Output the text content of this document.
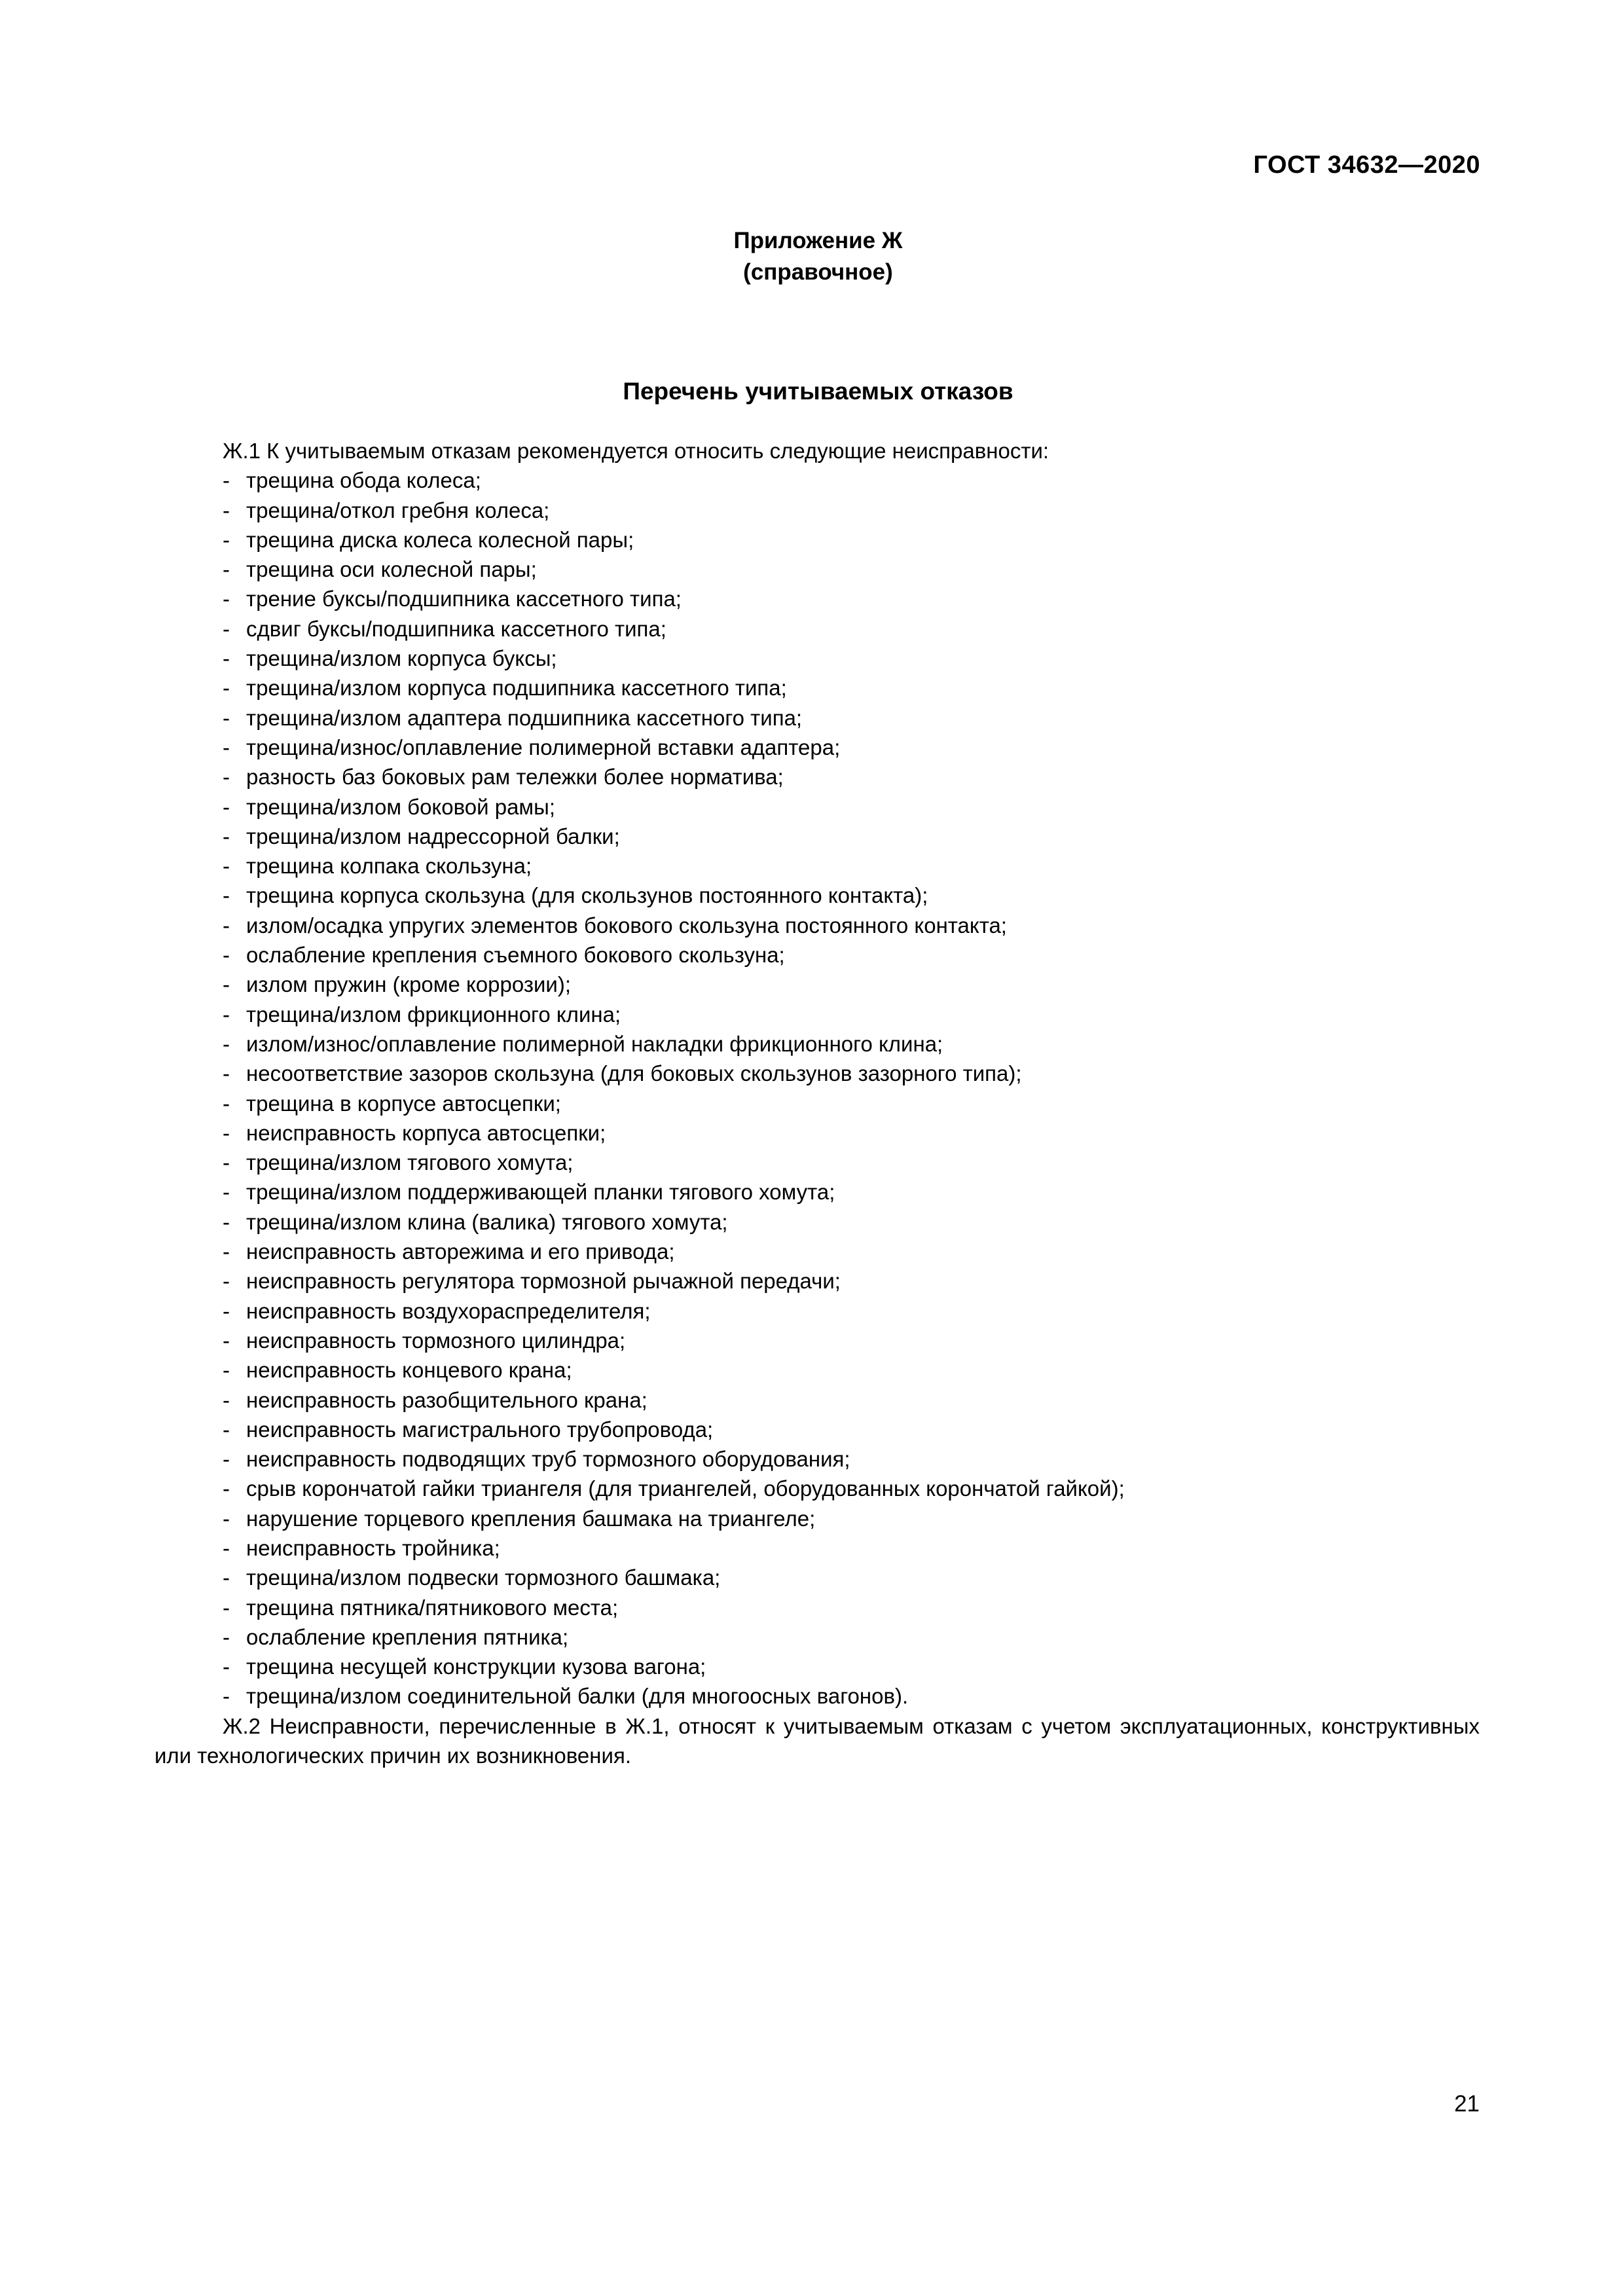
ГОСТ 34632—2020
Приложение Ж
(справочное)
Перечень учитываемых отказов
Ж.1 К учитываемым отказам рекомендуется относить следующие неисправности:
- трещина обода колеса;
- трещина/откол гребня колеса;
- трещина диска колеса колесной пары;
- трещина оси колесной пары;
- трение буксы/подшипника кассетного типа;
- сдвиг буксы/подшипника кассетного типа;
- трещина/излом корпуса буксы;
- трещина/излом корпуса подшипника кассетного типа;
- трещина/излом адаптера подшипника кассетного типа;
- трещина/износ/оплавление полимерной вставки адаптера;
- разность баз боковых рам тележки более норматива;
- трещина/излом боковой рамы;
- трещина/излом надрессорной балки;
- трещина колпака скользуна;
- трещина корпуса скользуна (для скользунов постоянного контакта);
- излом/осадка упругих элементов бокового скользуна постоянного контакта;
- ослабление крепления съемного бокового скользуна;
- излом пружин (кроме коррозии);
- трещина/излом фрикционного клина;
- излом/износ/оплавление полимерной накладки фрикционного клина;
- несоответствие зазоров скользуна (для боковых скользунов зазорного типа);
- трещина в корпусе автосцепки;
- неисправность корпуса автосцепки;
- трещина/излом тягового хомута;
- трещина/излом поддерживающей планки тягового хомута;
- трещина/излом клина (валика) тягового хомута;
- неисправность авторежима и его привода;
- неисправность регулятора тормозной рычажной передачи;
- неисправность воздухораспределителя;
- неисправность тормозного цилиндра;
- неисправность концевого крана;
- неисправность разобщительного крана;
- неисправность магистрального трубопровода;
- неисправность подводящих труб тормозного оборудования;
- срыв корончатой гайки триангеля (для триангелей, оборудованных корончатой гайкой);
- нарушение торцевого крепления башмака на триангеле;
- неисправность тройника;
- трещина/излом подвески тормозного башмака;
- трещина пятника/пятникового места;
- ослабление крепления пятника;
- трещина несущей конструкции кузова вагона;
- трещина/излом соединительной балки (для многоосных вагонов).
Ж.2 Неисправности, перечисленные в Ж.1, относят к учитываемым отказам с учетом эксплуатационных, конструктивных или технологических причин их возникновения.
21
